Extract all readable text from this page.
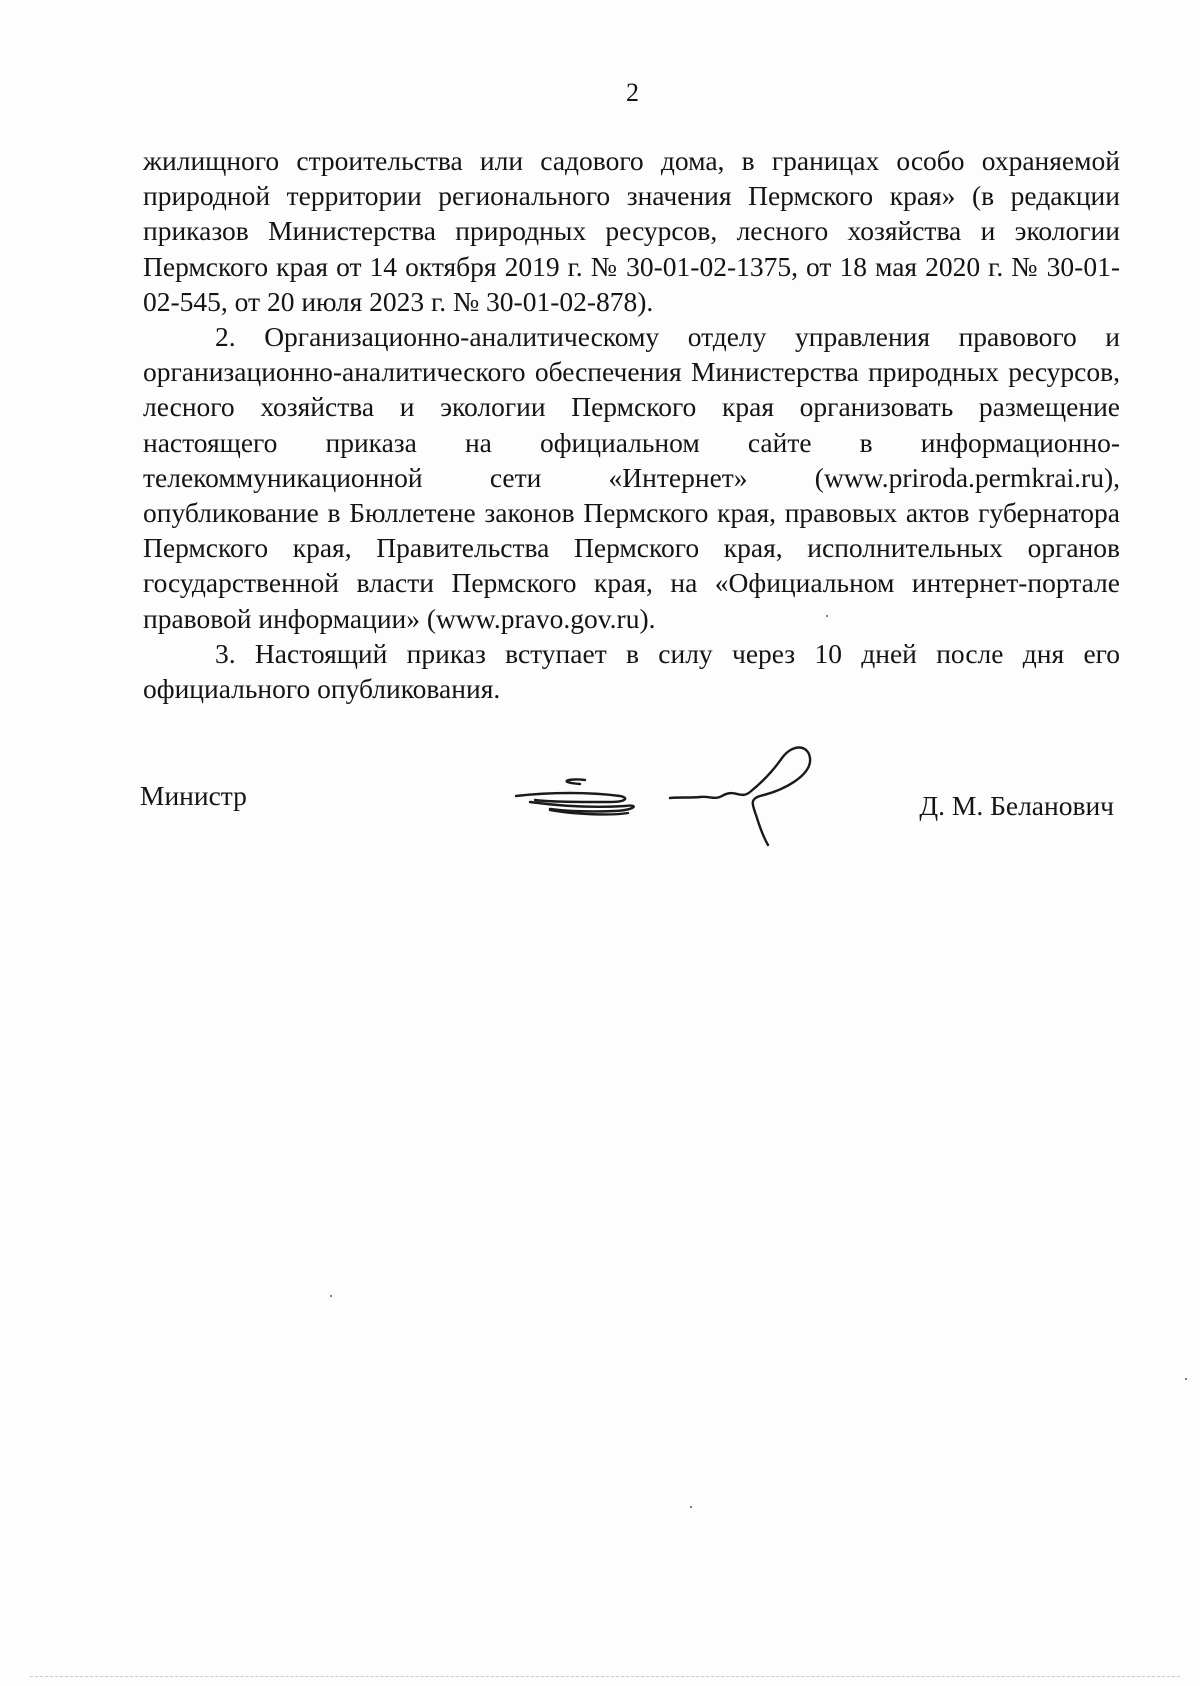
2

жилищного строительства или садового дома, в границах особо охраняемой природной территории регионального значения Пермского края» (в редакции приказов Министерства природных ресурсов, лесного хозяйства и экологии Пермского края от 14 октября 2019 г. № 30-01-02-1375, от 18 мая 2020 г. № 30-01-02-545, от 20 июля 2023 г. № 30-01-02-878).

2. Организационно-аналитическому отделу управления правового и организационно-аналитического обеспечения Министерства природных ресурсов, лесного хозяйства и экологии Пермского края организовать размещение настоящего приказа на официальном сайте в информационно-телекоммуникационной сети «Интернет» (www.priroda.permkrai.ru), опубликование в Бюллетене законов Пермского края, правовых актов губернатора Пермского края, Правительства Пермского края, исполнительных органов государственной власти Пермского края, на «Официальном интернет-портале правовой информации» (www.pravo.gov.ru).

3. Настоящий приказ вступает в силу через 10 дней после дня его официального опубликования.

Министр	Д. М. Беланович
